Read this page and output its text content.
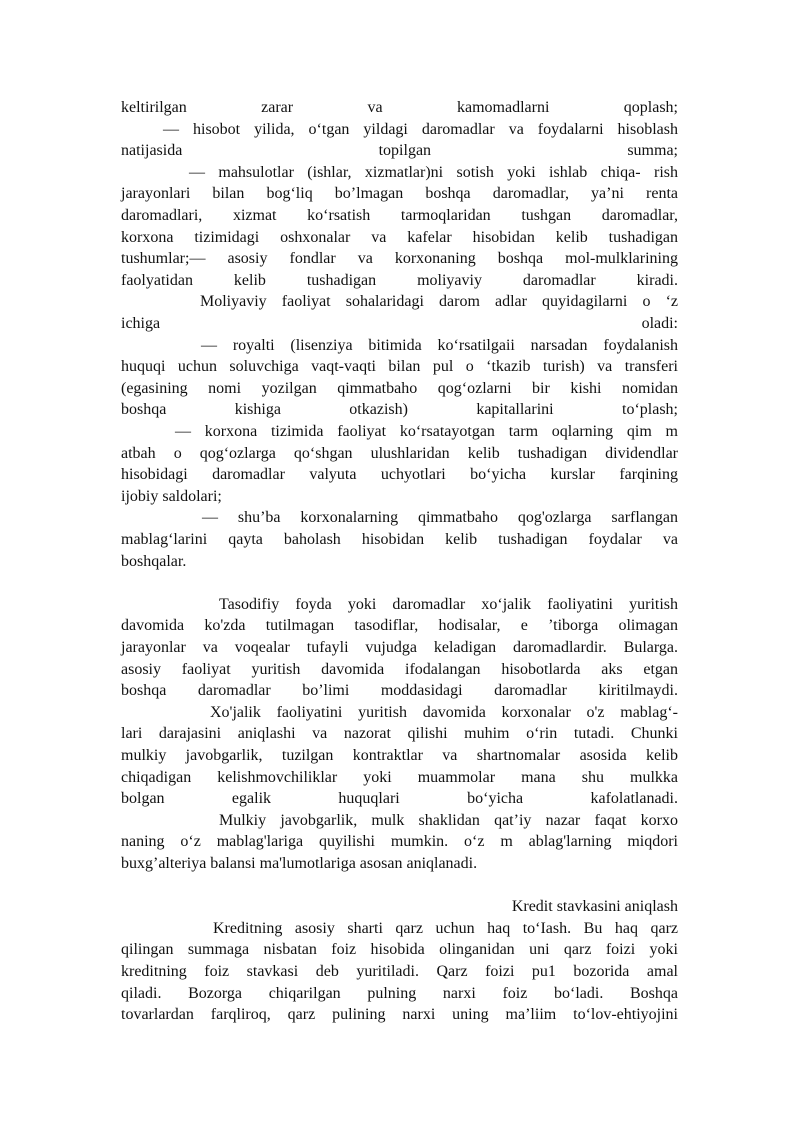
keltirilgan zarar va kamomadlarni qoplash;
— hisobot yilida, o‘tgan yildagi daromadlar va foydalarni hisoblash
natijasida topilgan summa;
— mahsulotlar (ishlar, xizmatlar)ni sotish yoki ishlab chiqa- rish
jarayonlari bilan bog‘liq bo’lmagan boshqa daromadlar, ya’ni renta
daromadlari, xizmat ko‘rsatish tarmoqlaridan tushgan daromadlar,
korxona tizimidagi oshxonalar va kafelar hisobidan kelib tushadigan
tushumlar;— asosiy fondlar va korxonaning boshqa mol-mulklarining
faolyatidan kelib tushadigan moliyaviy daromadlar kiradi.
Moliyaviy faoliyat sohalaridagi darom adlar quyidagilarni o ‘z
ichiga oladi:
— royalti (lisenziya bitimida ko‘rsatilgaii narsadan foydalanish
huquqi uchun soluvchiga vaqt-vaqti bilan pul o ‘tkazib turish) va transferi
(egasining nomi yozilgan qimmatbaho qog‘ozlarni bir kishi nomidan
boshqa kishiga otkazish) kapitallarini to‘plash;
— korxona tizimida faoliyat ko‘rsatayotgan tarm oqlarning qim m
atbah o qog‘ozlarga qo‘shgan ulushlaridan kelib tushadigan dividendlar
hisobidagi daromadlar valyuta uchyotlari bo‘yicha kurslar farqining
ijobiy saldolari;
— shu’ba korxonalarning qimmatbaho qog'ozlarga sarflangan
mablag‘larini qayta baholash hisobidan kelib tushadigan foydalar va
boshqalar.
Tasodifiy foyda yoki daromadlar xo‘jalik faoliyatini yuritish
davomida ko'zda tutilmagan tasodiflar, hodisalar, e ’tiborga olimagan
jarayonlar va voqealar tufayli vujudga keladigan daromadlardir. Bularga.
asosiy faoliyat yuritish davomida ifodalangan hisobotlarda aks etgan
boshqa daromadlar bo’limi moddasidagi daromadlar kiritilmaydi.
Xo'jalik faoliyatini yuritish davomida korxonalar o'z mablag‘-
lari darajasini aniqlashi va nazorat qilishi muhim o‘rin tutadi. Chunki
mulkiy javobgarlik, tuzilgan kontraktlar va shartnomalar asosida kelib
chiqadigan kelishmovchiliklar yoki muammolar mana shu mulkka
bolgan egalik huquqlari bo‘yicha kafolatlanadi.
Mulkiy javobgarlik, mulk shaklidan qat’iy nazar faqat korxo
naning o‘z mablag'lariga quyilishi mumkin. o‘z m ablag'larning miqdori
buxg’alteriya balansi ma'lumotlariga asosan aniqlanadi.
Kredit stavkasini aniqlash
Kreditning asosiy sharti qarz uchun haq to‘Iash. Bu haq qarz
qilingan summaga nisbatan foiz hisobida olinganidan uni qarz foizi yoki
kreditning foiz stavkasi deb yuritiladi. Qarz foizi pu1 bozorida amal
qiladi. Bozorga chiqarilgan pulning narxi foiz bo‘ladi. Boshqa
tovarlardan farqliroq, qarz pulining narxi uning ma’liim to‘lov-ehtiyojini
